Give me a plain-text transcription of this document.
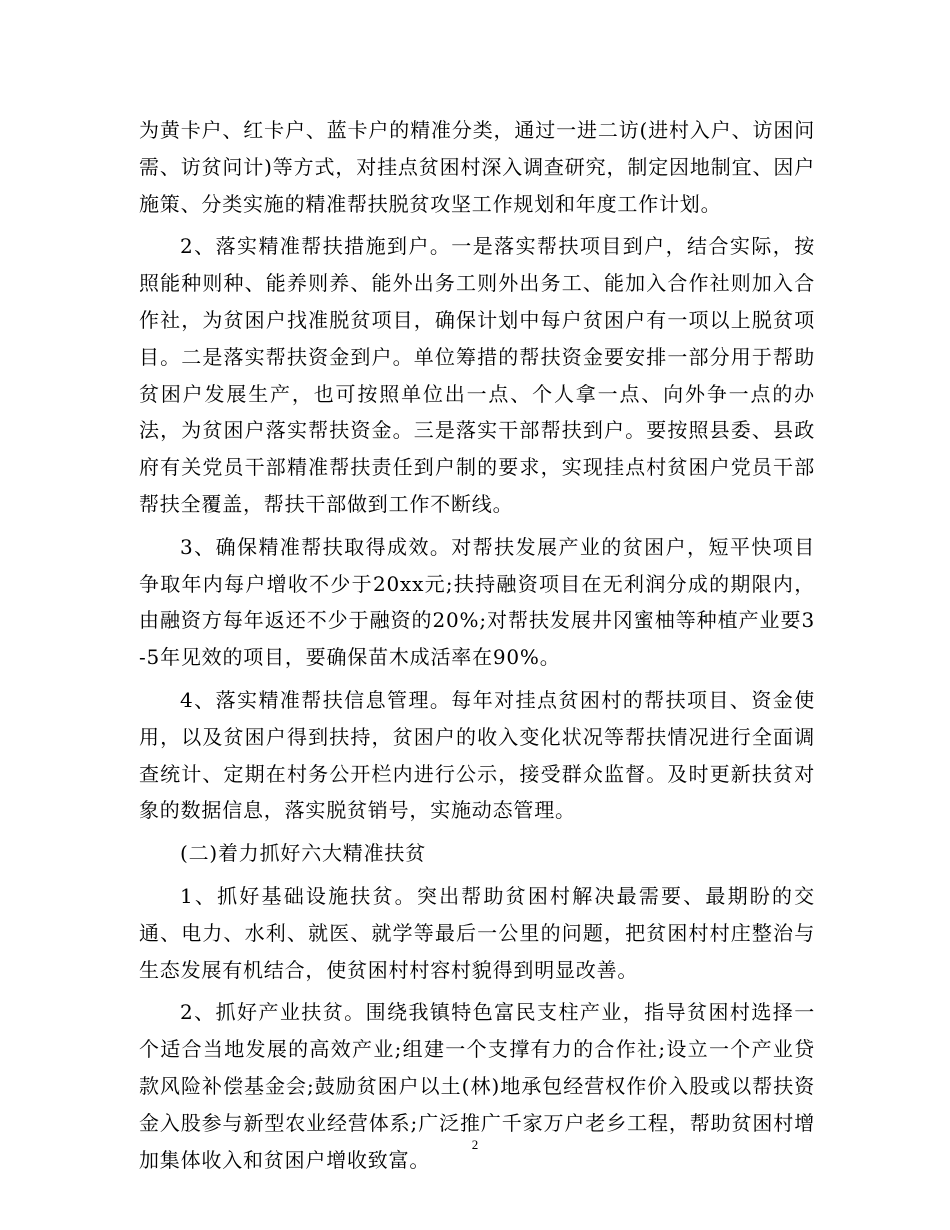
为黄卡户、红卡户、蓝卡户的精准分类，通过一进二访(进村入户、访困问需、访贫问计)等方式，对挂点贫困村深入调查研究，制定因地制宜、因户施策、分类实施的精准帮扶脱贫攻坚工作规划和年度工作计划。

2、落实精准帮扶措施到户。一是落实帮扶项目到户，结合实际，按照能种则种、能养则养、能外出务工则外出务工、能加入合作社则加入合作社，为贫困户找准脱贫项目，确保计划中每户贫困户有一项以上脱贫项目。二是落实帮扶资金到户。单位筹措的帮扶资金要安排一部分用于帮助贫困户发展生产，也可按照单位出一点、个人拿一点、向外争一点的办法，为贫困户落实帮扶资金。三是落实干部帮扶到户。要按照县委、县政府有关党员干部精准帮扶责任到户制的要求，实现挂点村贫困户党员干部帮扶全覆盖，帮扶干部做到工作不断线。

3、确保精准帮扶取得成效。对帮扶发展产业的贫困户，短平快项目争取年内每户增收不少于20xx元;扶持融资项目在无利润分成的期限内，由融资方每年返还不少于融资的20%;对帮扶发展井冈蜜柚等种植产业要3-5年见效的项目，要确保苗木成活率在90%。

4、落实精准帮扶信息管理。每年对挂点贫困村的帮扶项目、资金使用，以及贫困户得到扶持，贫困户的收入变化状况等帮扶情况进行全面调查统计、定期在村务公开栏内进行公示，接受群众监督。及时更新扶贫对象的数据信息，落实脱贫销号，实施动态管理。

(二)着力抓好六大精准扶贫

1、抓好基础设施扶贫。突出帮助贫困村解决最需要、最期盼的交通、电力、水利、就医、就学等最后一公里的问题，把贫困村村庄整治与生态发展有机结合，使贫困村村容村貌得到明显改善。

2、抓好产业扶贫。围绕我镇特色富民支柱产业，指导贫困村选择一个适合当地发展的高效产业;组建一个支撑有力的合作社;设立一个产业贷款风险补偿基金会;鼓励贫困户以土(林)地承包经营权作价入股或以帮扶资金入股参与新型农业经营体系;广泛推广千家万户老乡工程，帮助贫困村增加集体收入和贫困户增收致富。

2
